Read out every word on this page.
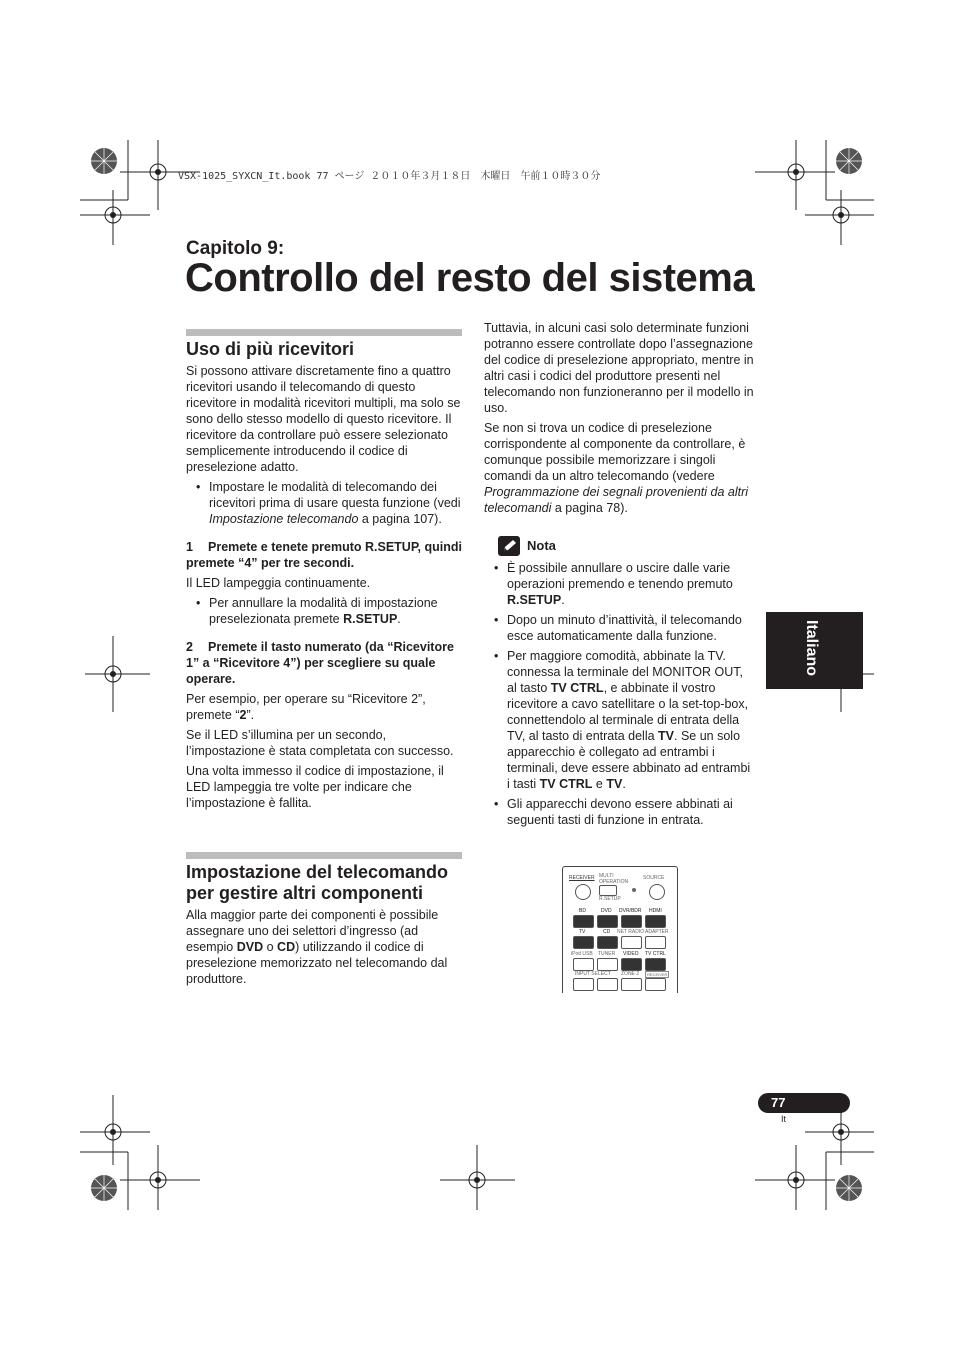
VSX-1025_SYXCN_It.book 77 ページ ２０１０年３月１８日　木曜日　午前１０時３０分
Capitolo 9:
Controllo del resto del sistema
Uso di più ricevitori

Si possono attivare discretamente fino a quattro ricevitori usando il telecomando di questo ricevitore in modalità ricevitori multipli, ma solo se sono dello stesso modello di questo ricevitore. Il ricevitore da controllare può essere selezionato semplicemente introducendo il codice di preselezione adatto.

• Impostare le modalità di telecomando dei ricevitori prima di usare questa funzione (vedi Impostazione telecomando a pagina 107).

1 Premete e tenete premuto R.SETUP, quindi premete “4” per tre secondi.

Il LED lampeggia continuamente.

• Per annullare la modalità di impostazione preselezionata premete R.SETUP.

2 Premete il tasto numerato (da “Ricevitore 1” a “Ricevitore 4”) per scegliere su quale operare.

Per esempio, per operare su “Ricevitore 2”, premete “2”.

Se il LED s’illumina per un secondo, l’impostazione è stata completata con successo.

Una volta immesso il codice di impostazione, il LED lampeggia tre volte per indicare che l’impostazione è fallita.

Impostazione del telecomando per gestire altri componenti

Alla maggior parte dei componenti è possibile assegnare uno dei selettori d’ingresso (ad esempio DVD o CD) utilizzando il codice di preselezione memorizzato nel telecomando dal produttore.

Tuttavia, in alcuni casi solo determinate funzioni potranno essere controllate dopo l’assegnazione del codice di preselezione appropriato, mentre in altri casi i codici del produttore presenti nel telecomando non funzioneranno per il modello in uso.

Se non si trova un codice di preselezione corrispondente al componente da controllare, è comunque possibile memorizzare i singoli comandi da un altro telecomando (vedere Programmazione dei segnali provenienti da altri telecomandi a pagina 78).

Nota
• È possibile annullare o uscire dalle varie operazioni premendo e tenendo premuto R.SETUP.
• Dopo un minuto d’inattività, il telecomando esce automaticamente dalla funzione.
• Per maggiore comodità, abbinate la TV. connessa la terminale del MONITOR OUT, al tasto TV CTRL, e abbinate il vostro ricevitore a cavo satellitare o la set-top-box, connettendolo al terminale di entrata della TV, al tasto di entrata della TV. Se un solo apparecchio è collegato ad entrambi i terminali, deve essere abbinato ad entrambi i tasti TV CTRL e TV.
• Gli apparecchi devono essere abbinati ai seguenti tasti di funzione in entrata.
RECEIVER MULTI
OPERATION
SOURCE
R.SETUP
BD	DVD DVR/BDR HDMI
TV	CD NET RADIO ADAPTER
iPod USB TUNER VIDEO TV CTRL
INPUT SELECT ZONE 2	RECEIVER
Italiano
77
It
